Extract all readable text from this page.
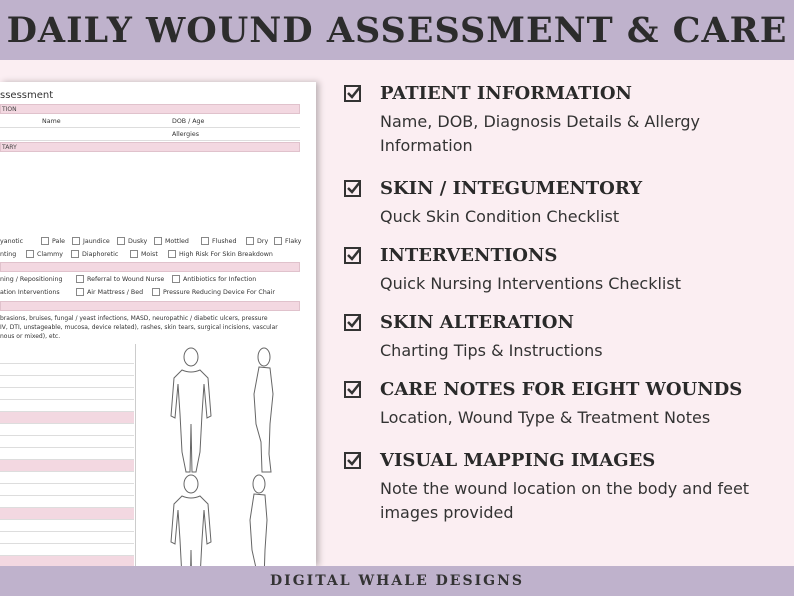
DAILY WOUND ASSESSMENT & CARE
ssessment
TION
Name	DOB / Age
Allergies
TARY
yanotic	Pale	Jaundice	Dusky	Mottled	Flushed	Dry	Flaky
nting	Clammy	Diaphoretic	Moist	High Risk For Skin Breakdown
ning / Repositioning	Referral to Wound Nurse	Antibiotics for Infection
ation Interventions	Air Mattress / Bed	Pressure Reducing Device For Chair
brasions, bruises, fungal / yeast infections, MASD, neuropathic / diabetic ulcers, pressure
IV, DTI, unstageable, mucosa, device related), rashes, skin tears, surgical incisions, vascular
nous or mixed), etc.
PATIENT INFORMATION
Name, DOB, Diagnosis Details & Allergy Information
SKIN / INTEGUMENTORY
Quck Skin Condition Checklist
INTERVENTIONS
Quick Nursing Interventions Checklist
SKIN ALTERATION
Charting Tips & Instructions
CARE NOTES FOR EIGHT WOUNDS
Location, Wound Type & Treatment Notes
VISUAL MAPPING IMAGES
Note the wound location on the body and feet images provided
DIGITAL WHALE DESIGNS
